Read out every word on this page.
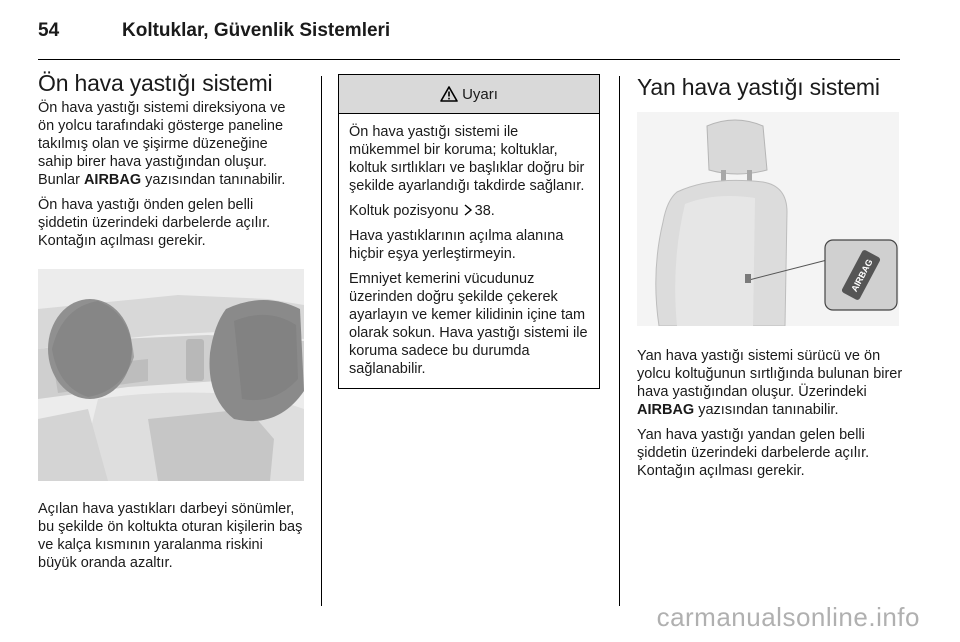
54	Koltuklar, Güvenlik Sistemleri
Ön hava yastığı sistemi

Ön hava yastığı sistemi direksiyona ve ön yolcu tarafındaki gösterge paneline takılmış olan ve şişirme düzeneğine sahip birer hava yastığından oluşur. Bunlar AIRBAG yazısından tanınabilir.

Ön hava yastığı önden gelen belli şiddetin üzerindeki darbelerde açılır. Kontağın açılması gerekir.

Açılan hava yastıkları darbeyi sönümler, bu şekilde ön koltukta oturan kişilerin baş ve kalça kısmının yaralanma riskini büyük oranda azaltır.

Uyarı

Ön hava yastığı sistemi ile mükemmel bir koruma; koltuklar, koltuk sırtlıkları ve başlıklar doğru bir şekilde ayarlandığı takdirde sağlanır.

Koltuk pozisyonu 38.

Hava yastıklarının açılma alanına hiçbir eşya yerleştirmeyin.

Emniyet kemerini vücudunuz üzerinden doğru şekilde çekerek ayarlayın ve kemer kilidinin içine tam olarak sokun. Hava yastığı sistemi ile koruma sadece bu durumda sağlanabilir.

Yan hava yastığı sistemi
AIRBAG

Yan hava yastığı sistemi sürücü ve ön yolcu koltuğunun sırtlığında bulunan birer hava yastığından oluşur. Üzerindeki AIRBAG yazısından tanınabilir.

Yan hava yastığı yandan gelen belli şiddetin üzerindeki darbelerde açılır. Kontağın açılması gerekir.

carmanualsonline.info
